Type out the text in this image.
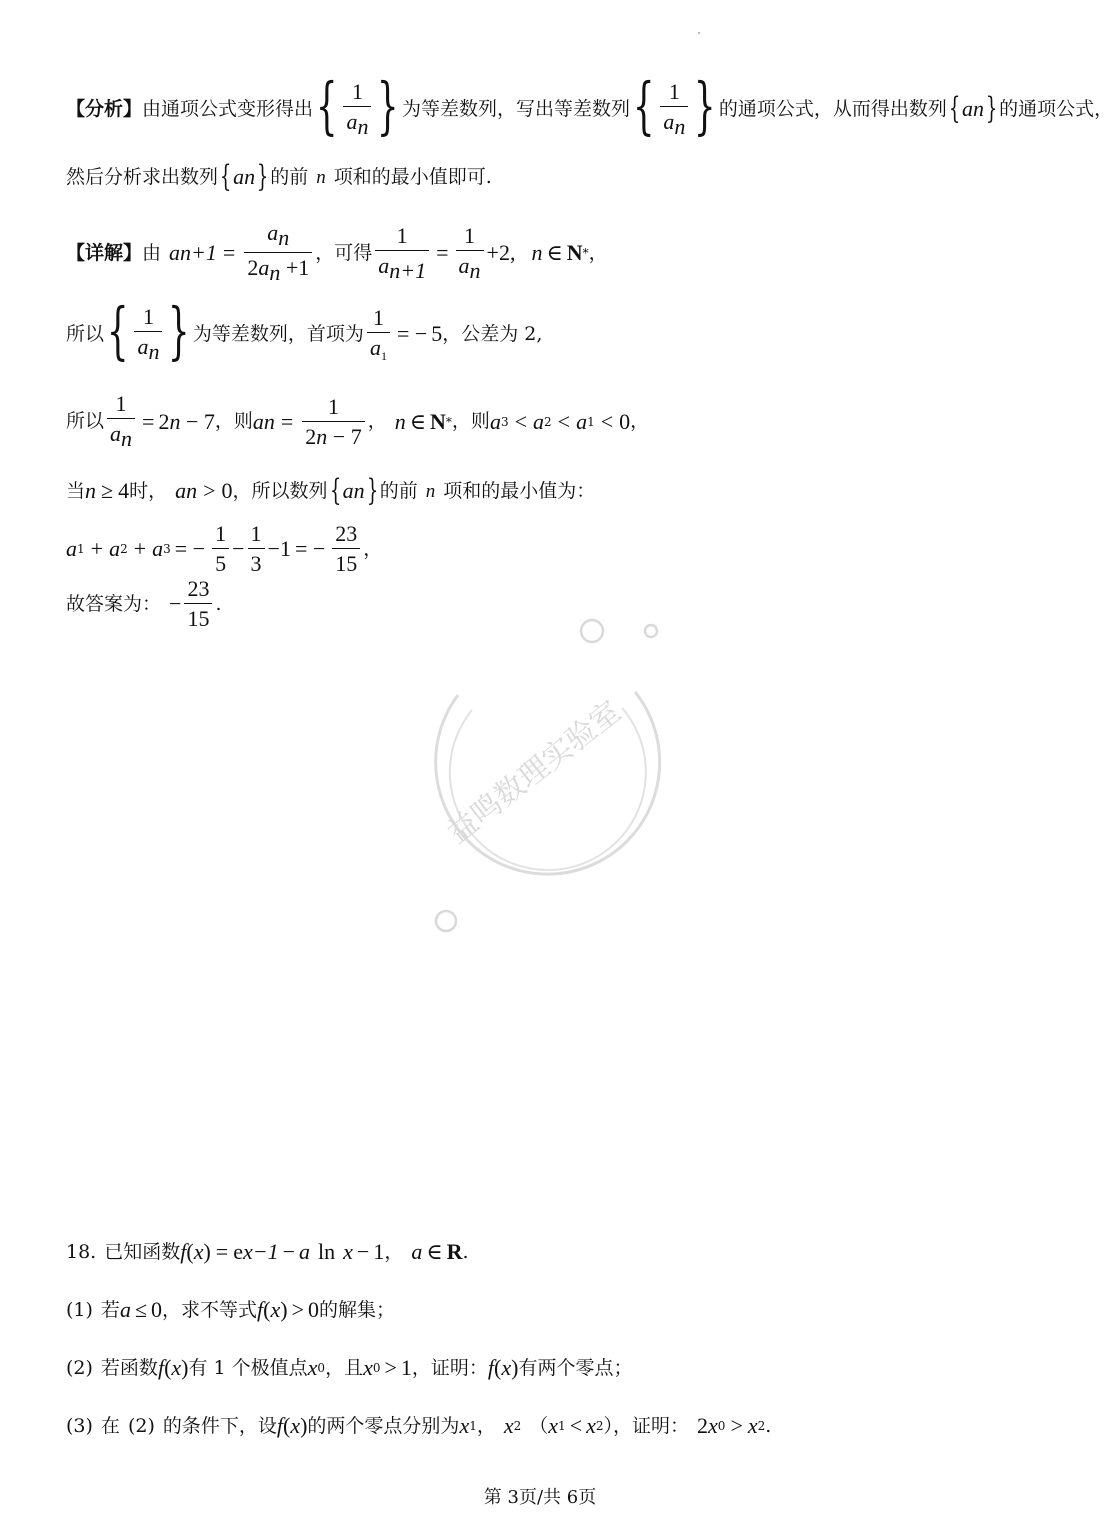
【分析】 由通项公式变形得出 { $\frac{1}{a_n}$ } 为等差数列，写出等差数列 { $\frac{1}{a_n}$ } 的通项公式，从而得出数列 { a n } 的通项公式，
然后分析求出数列 { a n } 的前 n 项和的最小值即可.
【详解】 由 a $n+1 = \frac{a_n}{2a_n +1}$ ，可得 $\frac{1}{a_{n+1}} = \frac{1}{a_n} + 2$ , n ∈ N * ，
所以 { $\frac{1}{a_n}$ } 为等差数列，首项为 $\frac{1}{a_1}$ = − 5 ，公差为 2,
所以 $\frac{1}{a_n} = 2$ n − 7 ，则 a $n = \frac{1}{2n - 7}$ ， n ∈ N * ，则 a 3 < a 2 < a 1 < 0 ，
当 n ≥ 4 时， a n > 0 ，所以数列 { a n } 的前 n 项和的最小值为：
a 1 + a 2 + a 3 = − $\frac{1}{5} - \frac{1}{3} - 1$ = − $\frac{23}{15}$ ，
故答案为： − $\frac{23}{15}$ .
益鸣数理实验室
18. 已知函数 f ( x ) = e x−1 − a ln x − 1 ， a ∈ R .
(1) 若 a ≤ 0 ，求不等式 f ( x ) > 0 的解集；
(2) 若函数 f ( x ) 有 1 个极值点 x 0 ，且 x 0 > 1 ，证明： f ( x ) 有两个零点；
(3) 在 (2) 的条件下，设 f ( x ) 的两个零点分别为 x 1 ， x 2 （ x 1 < x 2 ），证明： 2 x 0 > x 2 .
第 3页/共 6页
